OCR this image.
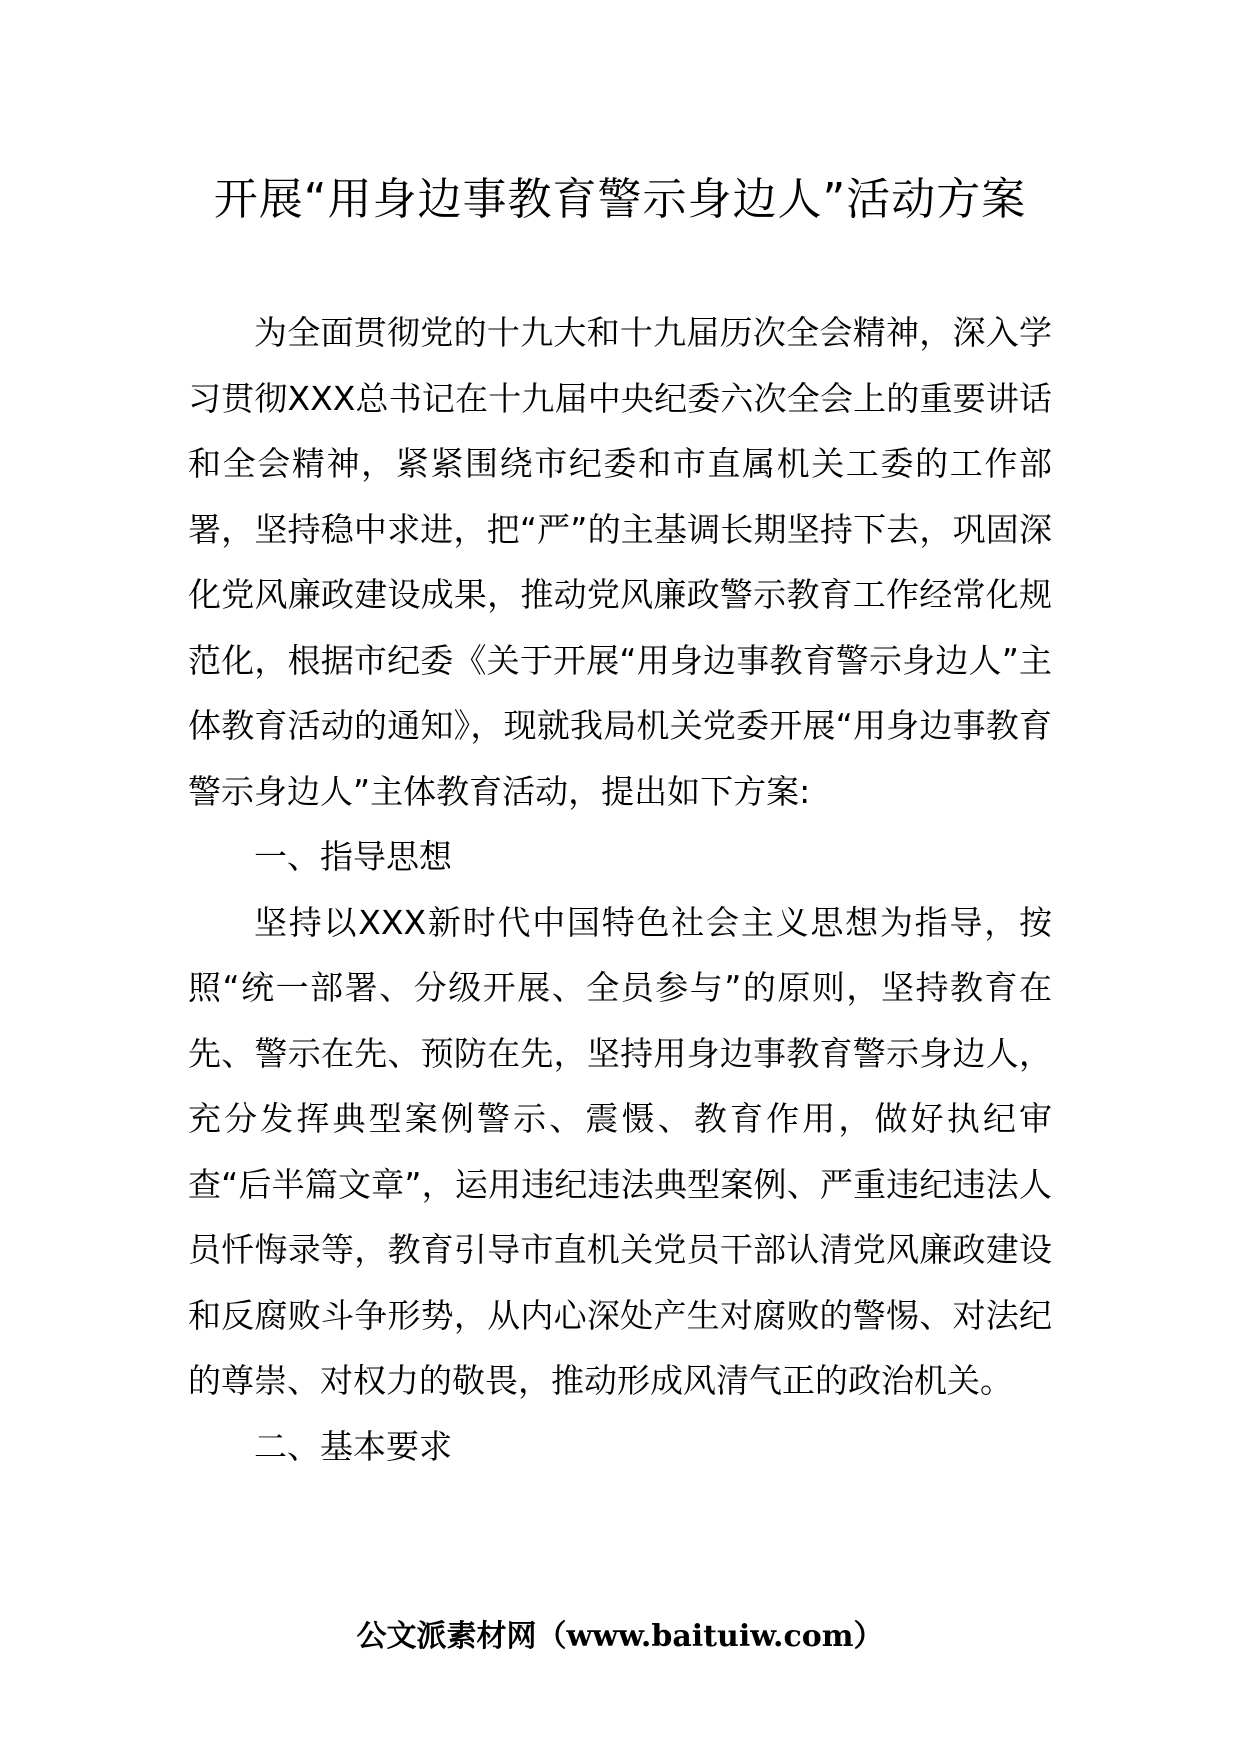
开展“用身边事教育警示身边人”活动方案

为全面贯彻党的十九大和十九届历次全会精神，深入学习贯彻XXX总书记在十九届中央纪委六次全会上的重要讲话和全会精神，紧紧围绕市纪委和市直属机关工委的工作部署，坚持稳中求进，把“严”的主基调长期坚持下去，巩固深化党风廉政建设成果，推动党风廉政警示教育工作经常化规范化，根据市纪委《关于开展“用身边事教育警示身边人”主体教育活动的通知》，现就我局机关党委开展“用身边事教育警示身边人”主体教育活动，提出如下方案:

一、指导思想

坚持以XXX新时代中国特色社会主义思想为指导，按照“统一部署、分级开展、全员参与”的原则，坚持教育在先、警示在先、预防在先，坚持用身边事教育警示身边人，充分发挥典型案例警示、震慑、教育作用，做好执纪审查“后半篇文章”，运用违纪违法典型案例、严重违纪违法人员忏悔录等，教育引导市直机关党员干部认清党风廉政建设和反腐败斗争形势，从内心深处产生对腐败的警惕、对法纪的尊崇、对权力的敬畏，推动形成风清气正的政治机关。

二、基本要求
公文派素材网（www.baituiw.com）
